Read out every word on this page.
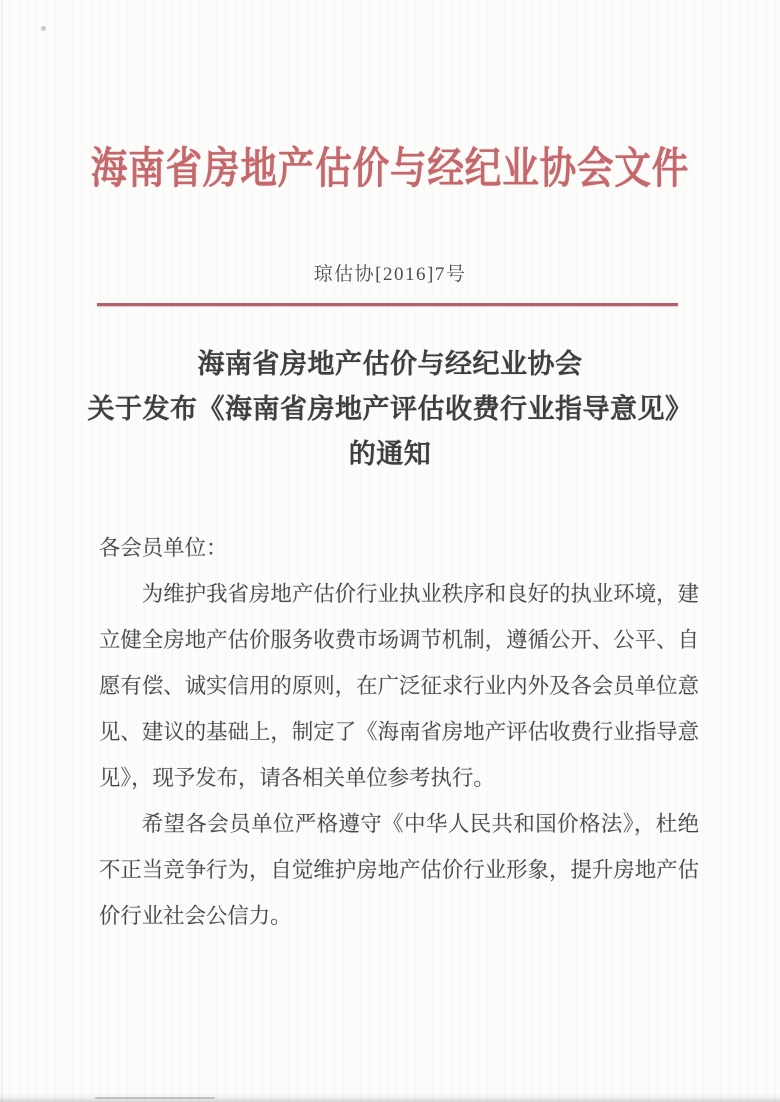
海南省房地产估价与经纪业协会文件
琼估协[2016]7号
海南省房地产估价与经纪业协会
关于发布《海南省房地产评估收费行业指导意见》
的通知
各会员单位：

为维护我省房地产估价行业执业秩序和良好的执业环境，建立健全房地产估价服务收费市场调节机制，遵循公开、公平、自愿有偿、诚实信用的原则，在广泛征求行业内外及各会员单位意见、建议的基础上，制定了《海南省房地产评估收费行业指导意见》，现予发布，请各相关单位参考执行。

希望各会员单位严格遵守《中华人民共和国价格法》，杜绝不正当竞争行为，自觉维护房地产估价行业形象，提升房地产估价行业社会公信力。
